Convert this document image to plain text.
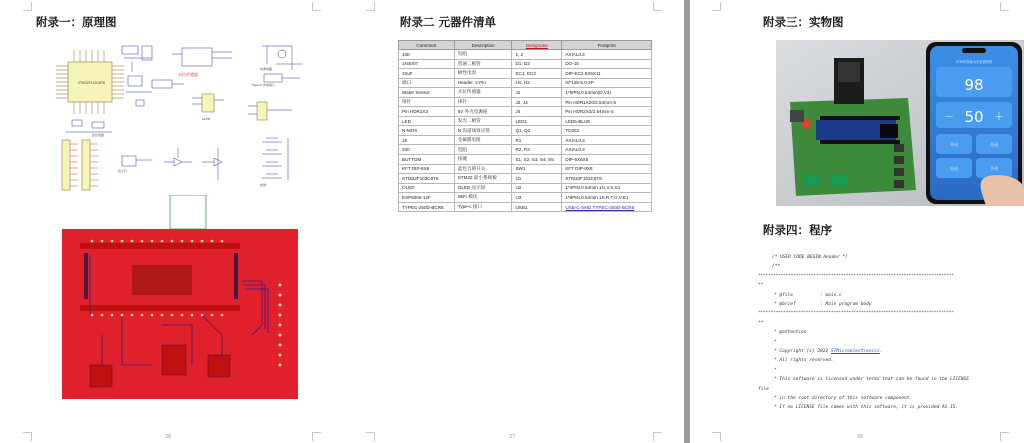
附录一：原理图
STM32F103C8T6
水位传感器
复位电路
电源电路
OLED
指示灯
按键
Type-C 供电接口
36
附录二 元器件清单
Comment	Description	Designator	Footprint
10K	电阻	1, 2	AXIAL0.3
1N4007	普通二极管	D1, D2	DO-15
22uF	极性电容	EC1, EC2	DIP-EC2.5X5X11
端口	Header, 2-Pin	H1, H2	KF128-5.0-2P
Water Sensor	水位传感器	J1	1*5PIN,0.54mm(D,V3)
排针	排针	J2, J3	Pin HDR1X20/2.54mm-S
Pin HDR2X3	5V 外壳电源座	J4	Pin HDR2X3/2.54mm-S
LED	发光二极管	LED1	LED5-BLUE
N-MOS	N 沟道场效应管	Q1, Q2	TO252
1K	金属膜电阻	R1	AXIAL0.3
330	电阻	R2, R3	AXIAL0.3
BUTTOM	按键	S1, S2, S3, S4, S5	DIP-6X6X5
KFT DIP-8X8	蓝色自锁开关	SW1	KFT DIP-8X8
STM32F103C8T6	STM32 最小系统板	U1	STM32F103C8T6
OLED	OLED 显示屏	U2	1*4PIN,0.54mm 1G,V,S,S1
ESP8266-12F	WiFi 模块	U3	1*8PIN,0.54mm 1S,R,T,G,V,E1
TYPEC-250D-BCR6	Type-c 接口	USB1	USB-C-SMD TYPEC-250D-BCR6
37
附录三：实物图
STM32智能水位检测系统
98
－ 50 ＋
开启	关闭
自动	手动
附录四：程序
/* USER CODE BEGIN Header */
/**
******************************************************************************
**
* @file          : main.c
* @brief         : Main program body
******************************************************************************
**
* @attention
*
* Copyright (c) 2022 STMicroelectronics.
* All rights reserved.
*
* This software is licensed under terms that can be found in the LICENSE
file
* in the root directory of this software component.
* If no LICENSE file comes with this software, it is provided AS-IS.
38
